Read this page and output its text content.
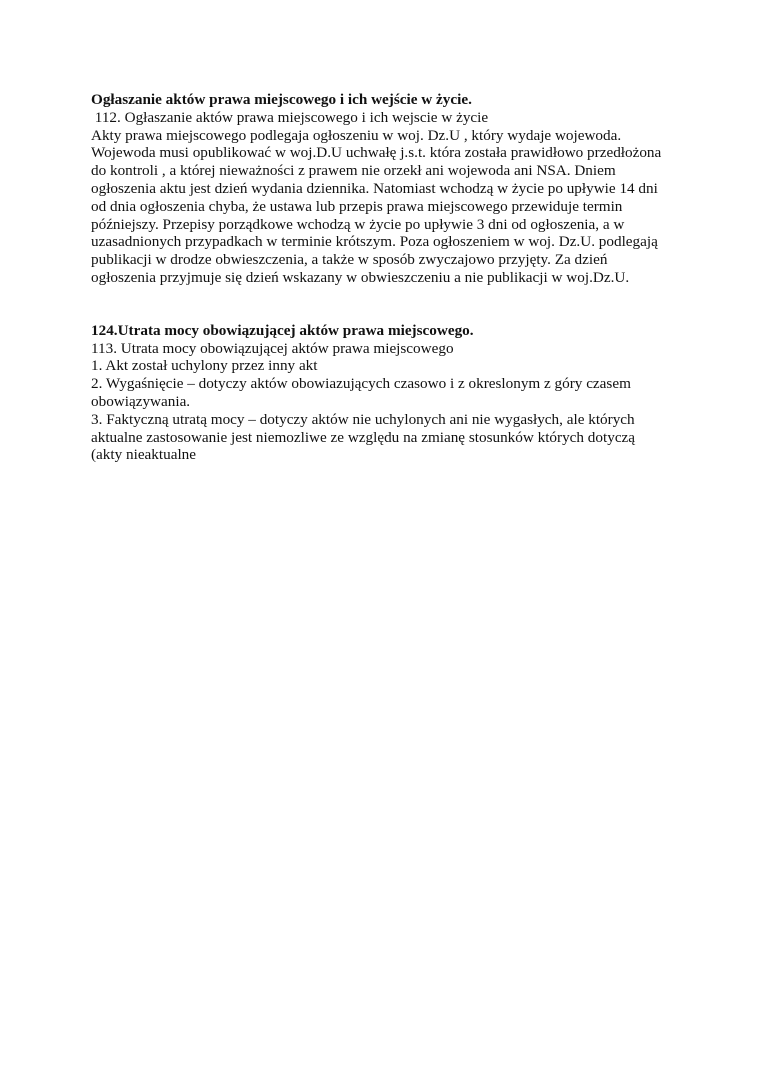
Ogłaszanie aktów prawa miejscowego i ich wejście w życie.
112. Ogłaszanie aktów prawa miejscowego i ich wejscie w życie
Akty prawa miejscowego podlegaja ogłoszeniu w woj. Dz.U , który wydaje wojewoda.
Wojewoda musi opublikować w woj.D.U uchwałę j.s.t. która została prawidłowo przedłożona
do kontroli , a której nieważności z prawem nie orzekł ani wojewoda ani NSA. Dniem
ogłoszenia aktu jest dzień wydania dziennika. Natomiast wchodzą w życie po upływie 14 dni
od dnia ogłoszenia chyba, że ustawa lub przepis prawa miejscowego przewiduje termin
późniejszy. Przepisy porządkowe wchodzą w życie po upływie 3 dni od ogłoszenia, a w
uzasadnionych przypadkach w terminie krótszym. Poza ogłoszeniem w woj. Dz.U. podlegają
publikacji w drodze obwieszczenia, a także w sposób zwyczajowo przyjęty. Za dzień
ogłoszenia przyjmuje się dzień wskazany w obwieszczeniu a nie publikacji w woj.Dz.U.
124.Utrata mocy obowiązującej aktów prawa miejscowego.
113. Utrata mocy obowiązującej aktów prawa miejscowego
1. Akt został uchylony przez inny akt
2. Wygaśnięcie – dotyczy aktów obowiazujących czasowo i z okreslonym z góry czasem
obowiązywania.
3. Faktyczną utratą mocy – dotyczy aktów nie uchylonych ani nie wygasłych, ale których
aktualne zastosowanie jest niemozliwe ze względu na zmianę stosunków których dotyczą
(akty nieaktualne
